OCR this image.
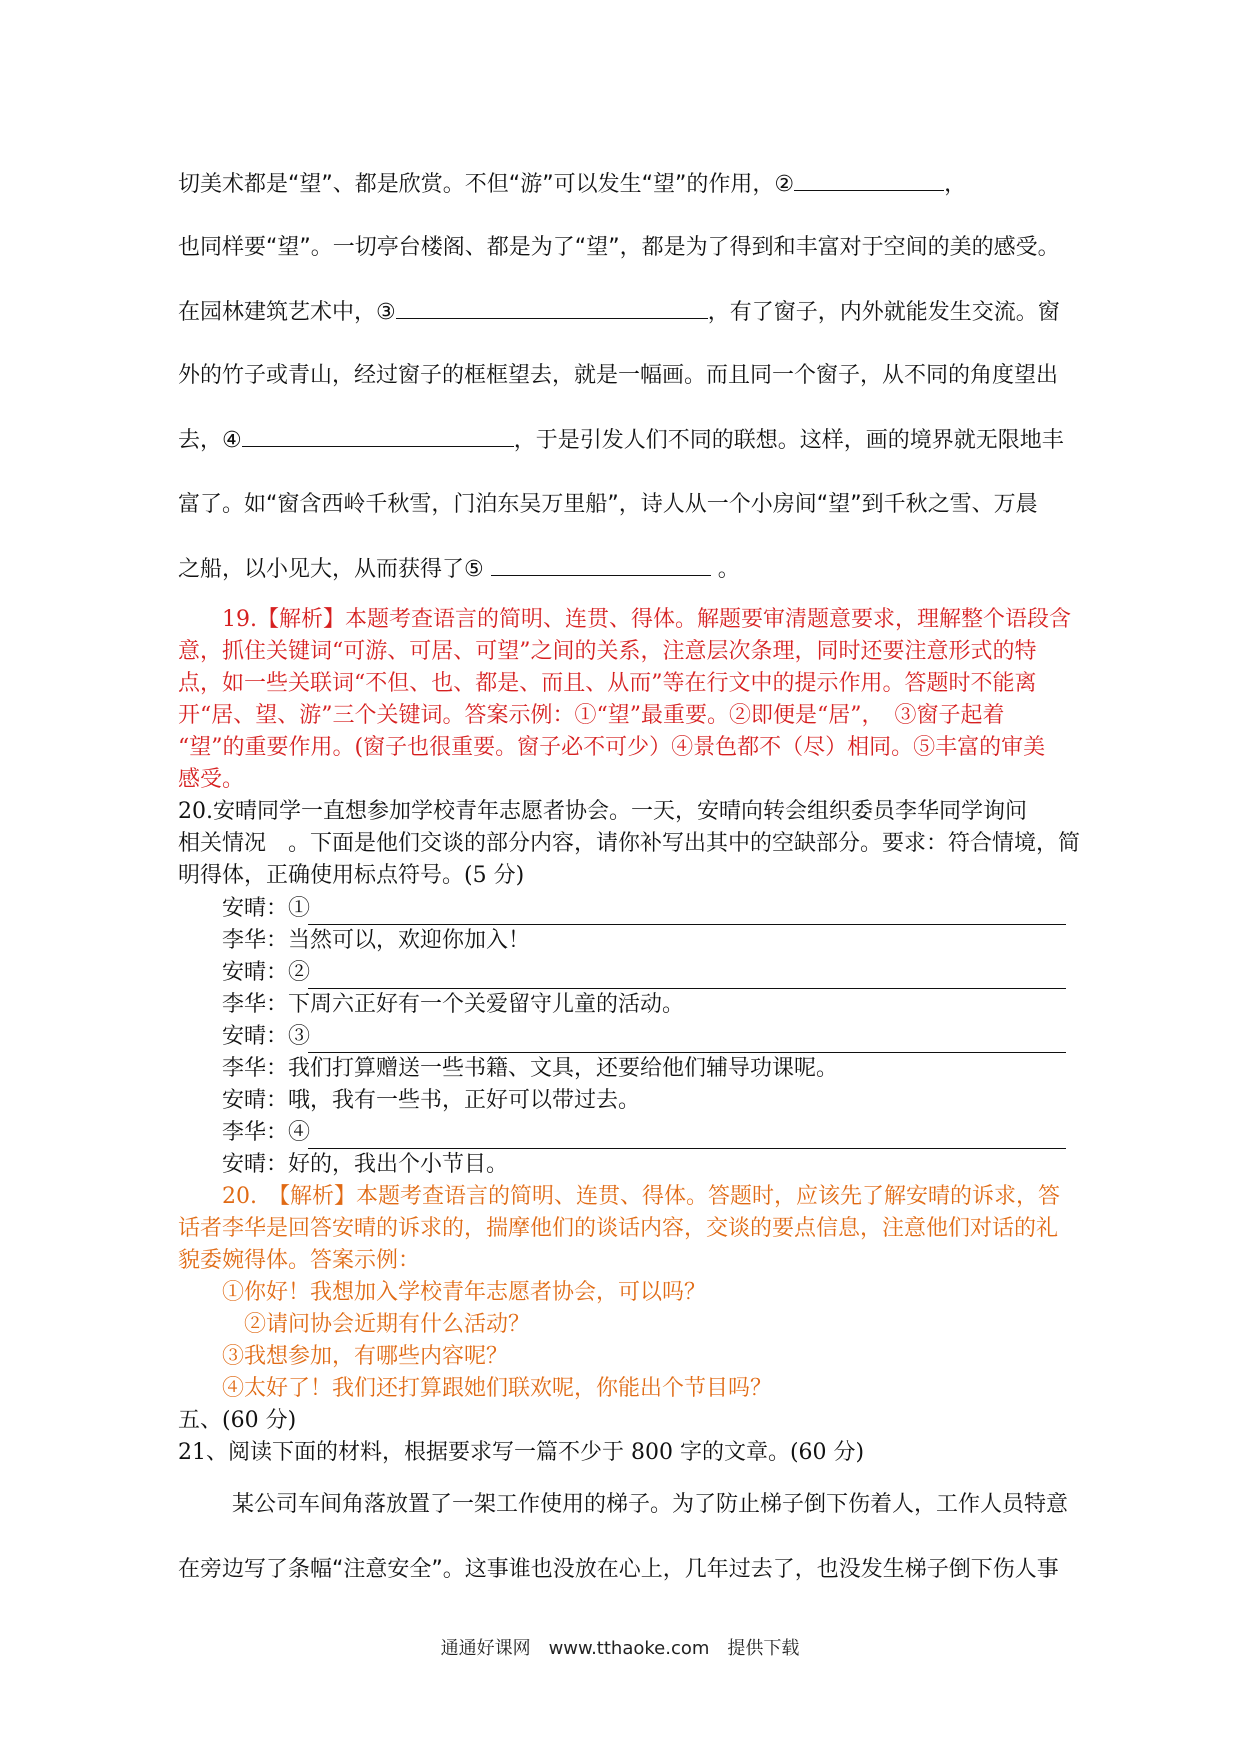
切美术都是“望”、都是欣赏。不但“游”可以发生“望”的作用，②	，
也同样要“望”。一切亭台楼阁、都是为了“望”，都是为了得到和丰富对于空间的美的感受。
在园林建筑艺术中，③	，有了窗子，内外就能发生交流。窗
外的竹子或青山，经过窗子的框框望去，就是一幅画。而且同一个窗子，从不同的角度望出
去，④	，于是引发人们不同的联想。这样，画的境界就无限地丰
富了。如“窗含西岭千秋雪，门泊东吴万里船”，诗人从一个小房间“望”到千秋之雪、万晨
之船，以小见大，从而获得了⑤	。
19.【解析】本题考查语言的简明、连贯、得体。解题要审清题意要求，理解整个语段含
意，抓住关键词“可游、可居、可望”之间的关系，注意层次条理，同时还要注意形式的特
点，如一些关联词“不但、也、都是、而且、从而”等在行文中的提示作用。答题时不能离
开“居、望、游”三个关键词。答案示例：①“望”最重要。②即便是“居”，　③窗子起着
“望”的重要作用。(窗子也很重要。窗子必不可少）④景色都不（尽）相同。⑤丰富的审美
感受。
20.安晴同学一直想参加学校青年志愿者协会。一天，安晴向转会组织委员李华同学询问
相关情况　。下面是他们交谈的部分内容，请你补写出其中的空缺部分。要求：符合情境，简
明得体，正确使用标点符号。(5 分)
安晴：①
李华：当然可以，欢迎你加入！
安晴：②
李华：下周六正好有一个关爱留守儿童的活动。
安晴：③
李华：我们打算赠送一些书籍、文具，还要给他们辅导功课呢。
安晴：哦，我有一些书，正好可以带过去。
李华：④
安晴：好的，我出个小节目。
20.　【解析】本题考查语言的简明、连贯、得体。答题时，应该先了解安晴的诉求，答
话者李华是回答安晴的诉求的，揣摩他们的谈话内容，交谈的要点信息，注意他们对话的礼
貌委婉得体。答案示例：
①你好！我想加入学校青年志愿者协会，可以吗？
②请问协会近期有什么活动？
③我想参加，有哪些内容呢？
④太好了！我们还打算跟她们联欢呢，你能出个节目吗？
五、(60 分)
21、阅读下面的材料，根据要求写一篇不少于 800 字的文章。(60 分)
某公司车间角落放置了一架工作使用的梯子。为了防止梯子倒下伤着人，工作人员特意
在旁边写了条幅“注意安全”。这事谁也没放在心上，几年过去了，也没发生梯子倒下伤人事
通通好课网　www.tthaoke.com　提供下载
